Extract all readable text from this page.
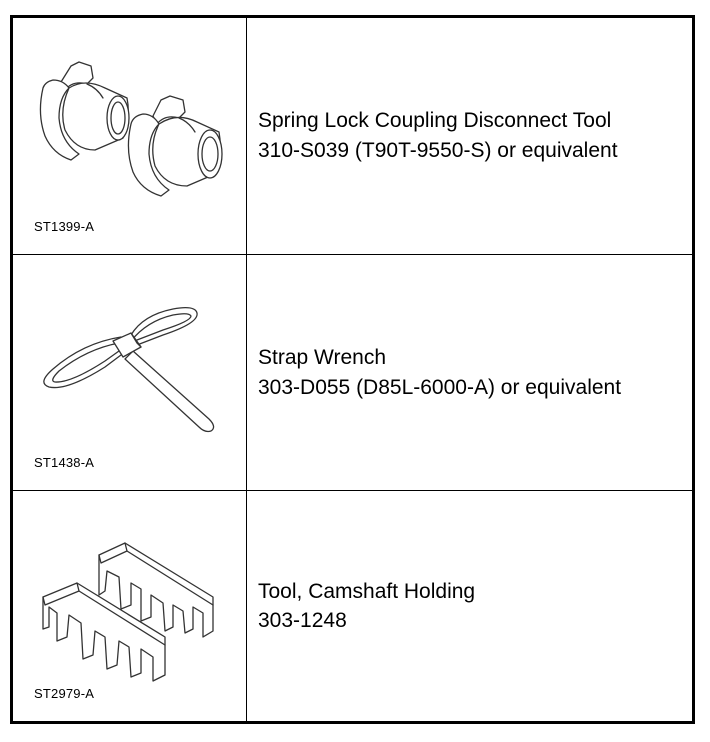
ST1399-A
Spring Lock Coupling Disconnect Tool
310-S039 (T90T-9550-S) or equivalent
ST1438-A
Strap Wrench
303-D055 (D85L-6000-A) or equivalent
ST2979-A
Tool, Camshaft Holding
303-1248
